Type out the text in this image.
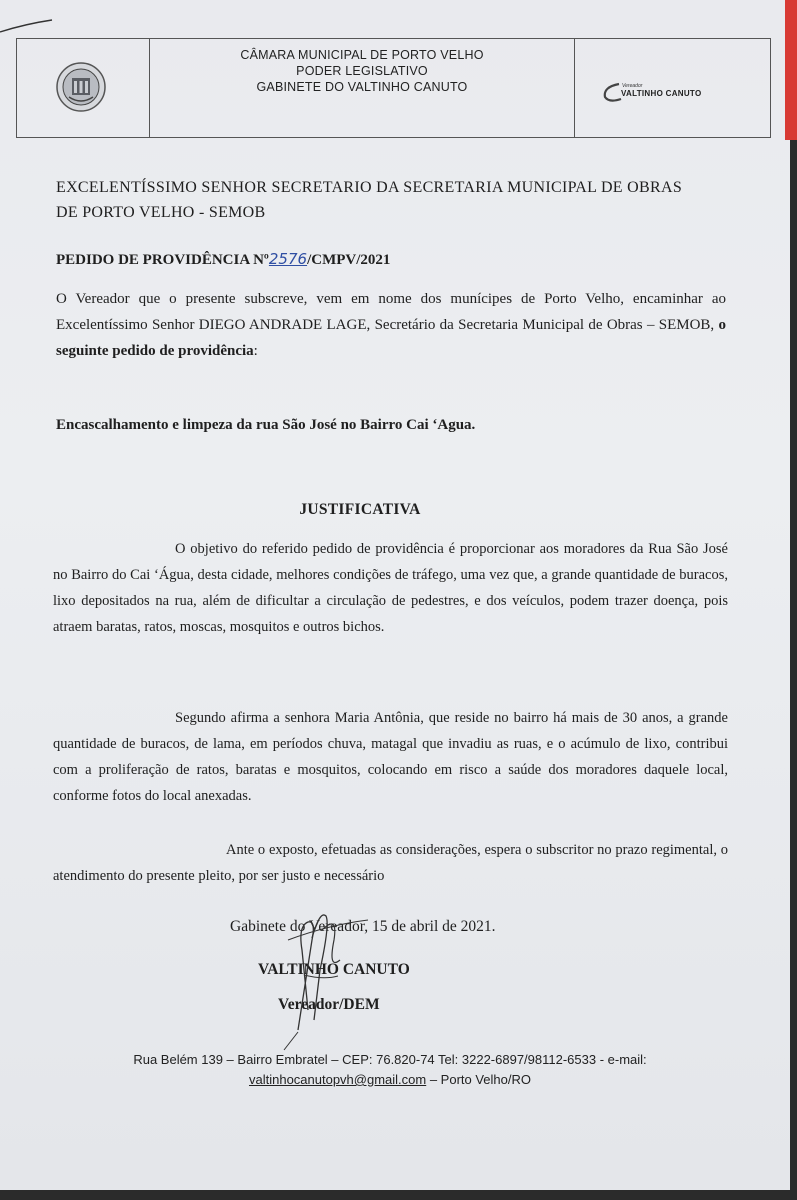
CÂMARA MUNICIPAL DE PORTO VELHO
PODER LEGISLATIVO
GABINETE DO VALTINHO CANUTO	Vereador
VALTINHO CANUTO
EXCELENTÍSSIMO SENHOR SECRETARIO DA SECRETARIA MUNICIPAL DE OBRAS DE PORTO VELHO - SEMOB
PEDIDO DE PROVIDÊNCIA Nº2576/CMPV/2021
O Vereador que o presente subscreve, vem em nome dos munícipes de Porto Velho, encaminhar ao Excelentíssimo Senhor DIEGO ANDRADE LAGE, Secretário da Secretaria Municipal de Obras – SEMOB, o seguinte pedido de providência:
Encascalhamento e limpeza da rua São José no Bairro Cai ‘Agua.
JUSTIFICATIVA
O objetivo do referido pedido de providência é proporcionar aos moradores da Rua São José no Bairro do Cai ‘Água, desta cidade, melhores condições de tráfego, uma vez que, a grande quantidade de buracos, lixo depositados na rua, além de dificultar a circulação de pedestres, e dos veículos, podem trazer doença, pois atraem baratas, ratos, moscas, mosquitos e outros bichos.
Segundo afirma a senhora Maria Antônia, que reside no bairro há mais de 30 anos, a grande quantidade de buracos, de lama, em períodos chuva, matagal que invadiu as ruas, e o acúmulo de lixo, contribui com a proliferação de ratos, baratas e mosquitos, colocando em risco a saúde dos moradores daquele local, conforme fotos do local anexadas.
Ante o exposto, efetuadas as considerações, espera o subscritor no prazo regimental, o atendimento do presente pleito, por ser justo e necessário
Gabinete do Vereador, 15 de abril de 2021.
VALTINHO CANUTO
Vereador/DEM
Rua Belém 139 – Bairro Embratel – CEP: 76.820-74 Tel: 3222-6897/98112-6533 - e-mail:
valtinhocanutopvh@gmail.com – Porto Velho/RO
